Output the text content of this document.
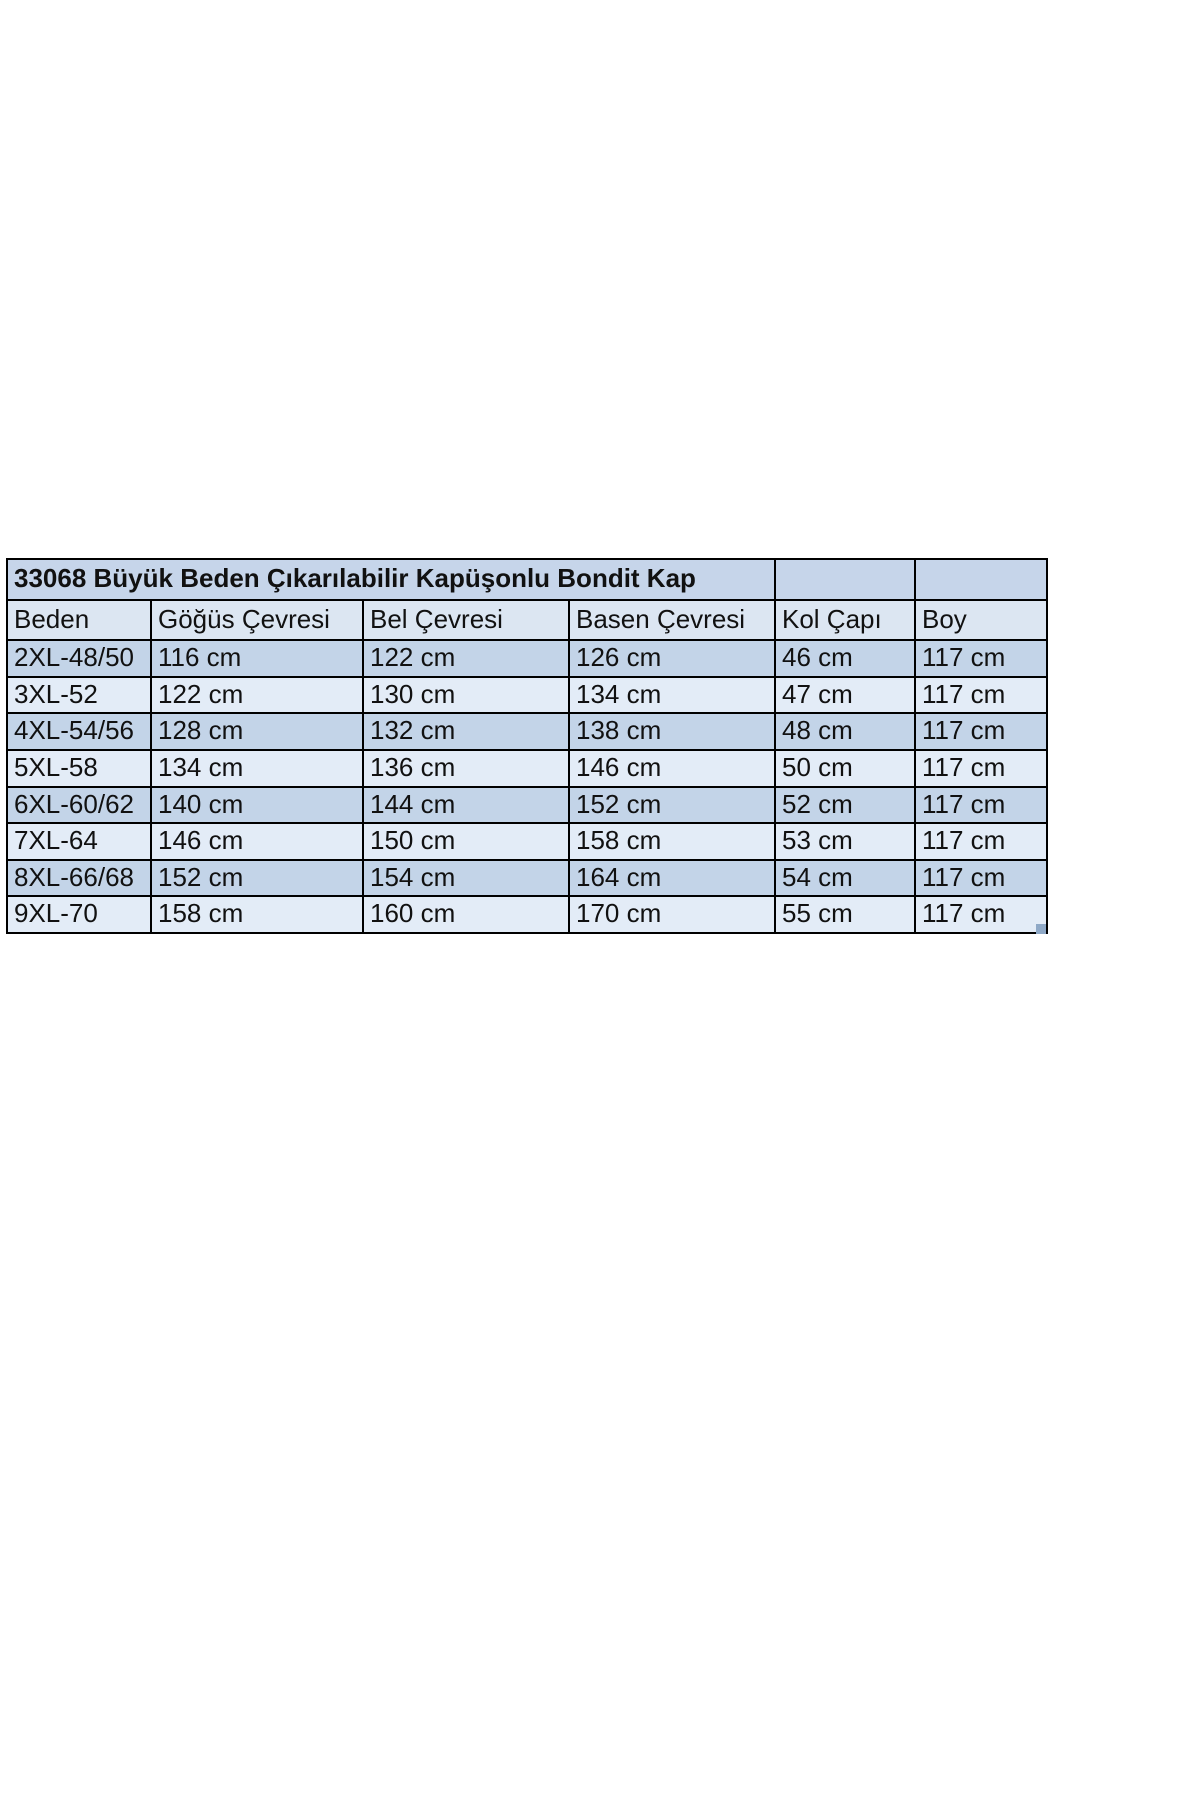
33068 Büyük Beden Çıkarılabilir Kapüşonlu Bondit Kap					
Beden	Göğüs Çevresi	Bel Çevresi	Basen Çevresi	Kol Çapı	Boy
2XL-48/50	116 cm	122 cm	126 cm	46 cm	117 cm
3XL-52	122 cm	130 cm	134 cm	47 cm	117 cm
4XL-54/56	128 cm	132 cm	138 cm	48 cm	117 cm
5XL-58	134 cm	136 cm	146 cm	50 cm	117 cm
6XL-60/62	140 cm	144 cm	152 cm	52 cm	117 cm
7XL-64	146 cm	150 cm	158 cm	53 cm	117 cm
8XL-66/68	152 cm	154 cm	164 cm	54 cm	117 cm
9XL-70	158 cm	160 cm	170 cm	55 cm	117 cm
